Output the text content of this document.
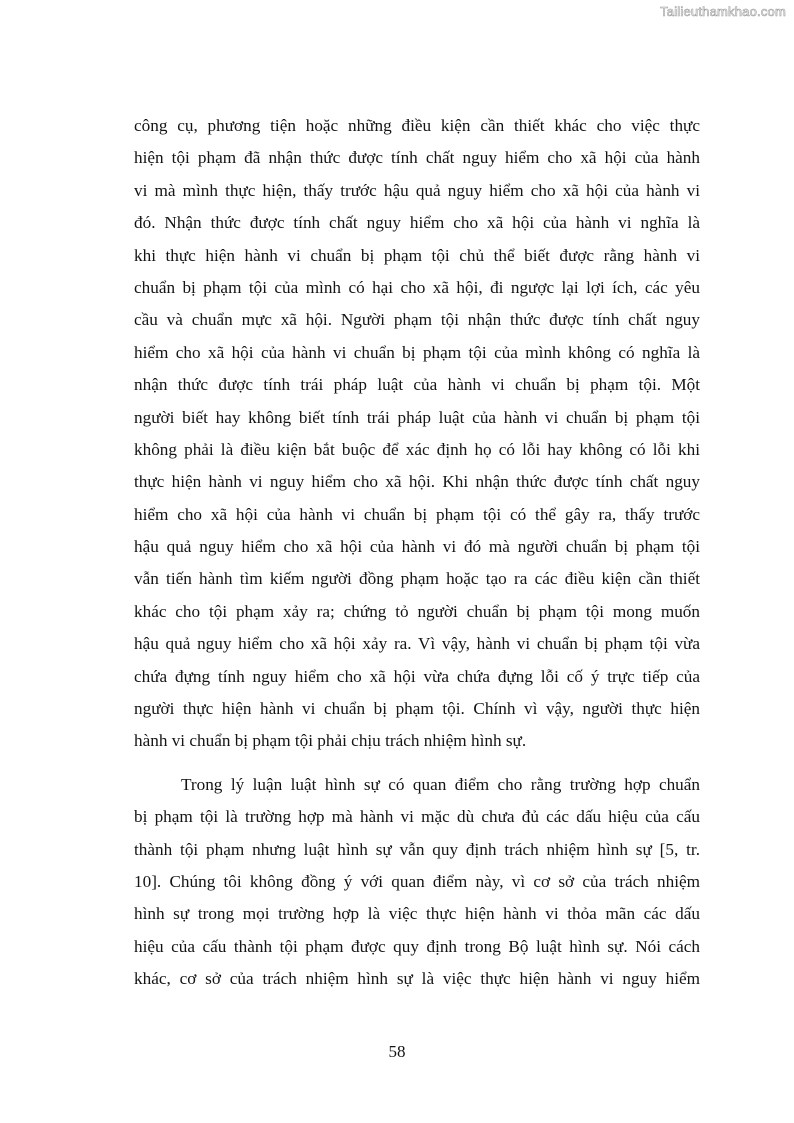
Tailieuthamkhao.com
công cụ, phương tiện hoặc những điều kiện cần thiết khác cho việc thực
hiện tội phạm đã nhận thức được tính chất nguy hiểm cho xã hội của hành
vi mà mình thực hiện, thấy trước hậu quả nguy hiểm cho xã hội của hành vi
đó. Nhận thức được tính chất nguy hiểm cho xã hội của hành vi nghĩa là
khi thực hiện hành vi chuẩn bị phạm tội chủ thể biết được rằng hành vi
chuẩn bị phạm tội của mình có hại cho xã hội, đi ngược lại lợi ích, các yêu
cầu và chuẩn mực xã hội. Người phạm tội nhận thức được tính chất nguy
hiểm cho xã hội của hành vi chuẩn bị phạm tội của mình không có nghĩa là
nhận thức được tính trái pháp luật của hành vi chuẩn bị phạm tội. Một
người biết hay không biết tính trái pháp luật của hành vi chuẩn bị phạm tội
không phải là điều kiện bắt buộc để xác định họ có lỗi hay không có lỗi khi
thực hiện hành vi nguy hiểm cho xã hội. Khi nhận thức được tính chất nguy
hiểm cho xã hội của hành vi chuẩn bị phạm tội có thể gây ra, thấy trước
hậu quả nguy hiểm cho xã hội của hành vi đó mà người chuẩn bị phạm tội
vẫn tiến hành tìm kiếm người đồng phạm hoặc tạo ra các điều kiện cần thiết
khác cho tội phạm xảy ra; chứng tỏ người chuẩn bị phạm tội mong muốn
hậu quả nguy hiểm cho xã hội xảy ra. Vì vậy, hành vi chuẩn bị phạm tội vừa
chứa đựng tính nguy hiểm cho xã hội vừa chứa đựng lỗi cố ý trực tiếp của
người thực hiện hành vi chuẩn bị phạm tội. Chính vì vậy, người thực hiện
hành vi chuẩn bị phạm tội phải chịu trách nhiệm hình sự.
Trong lý luận luật hình sự có quan điểm cho rằng trường hợp chuẩn
bị phạm tội là trường hợp mà hành vi mặc dù chưa đủ các dấu hiệu của cấu
thành tội phạm nhưng luật hình sự vẫn quy định trách nhiệm hình sự [5, tr.
10]. Chúng tôi không đồng ý với quan điểm này, vì cơ sở của trách nhiệm
hình sự trong mọi trường hợp là việc thực hiện hành vi thỏa mãn các dấu
hiệu của cấu thành tội phạm được quy định trong Bộ luật hình sự. Nói cách
khác, cơ sở của trách nhiệm hình sự là việc thực hiện hành vi nguy hiểm
58
